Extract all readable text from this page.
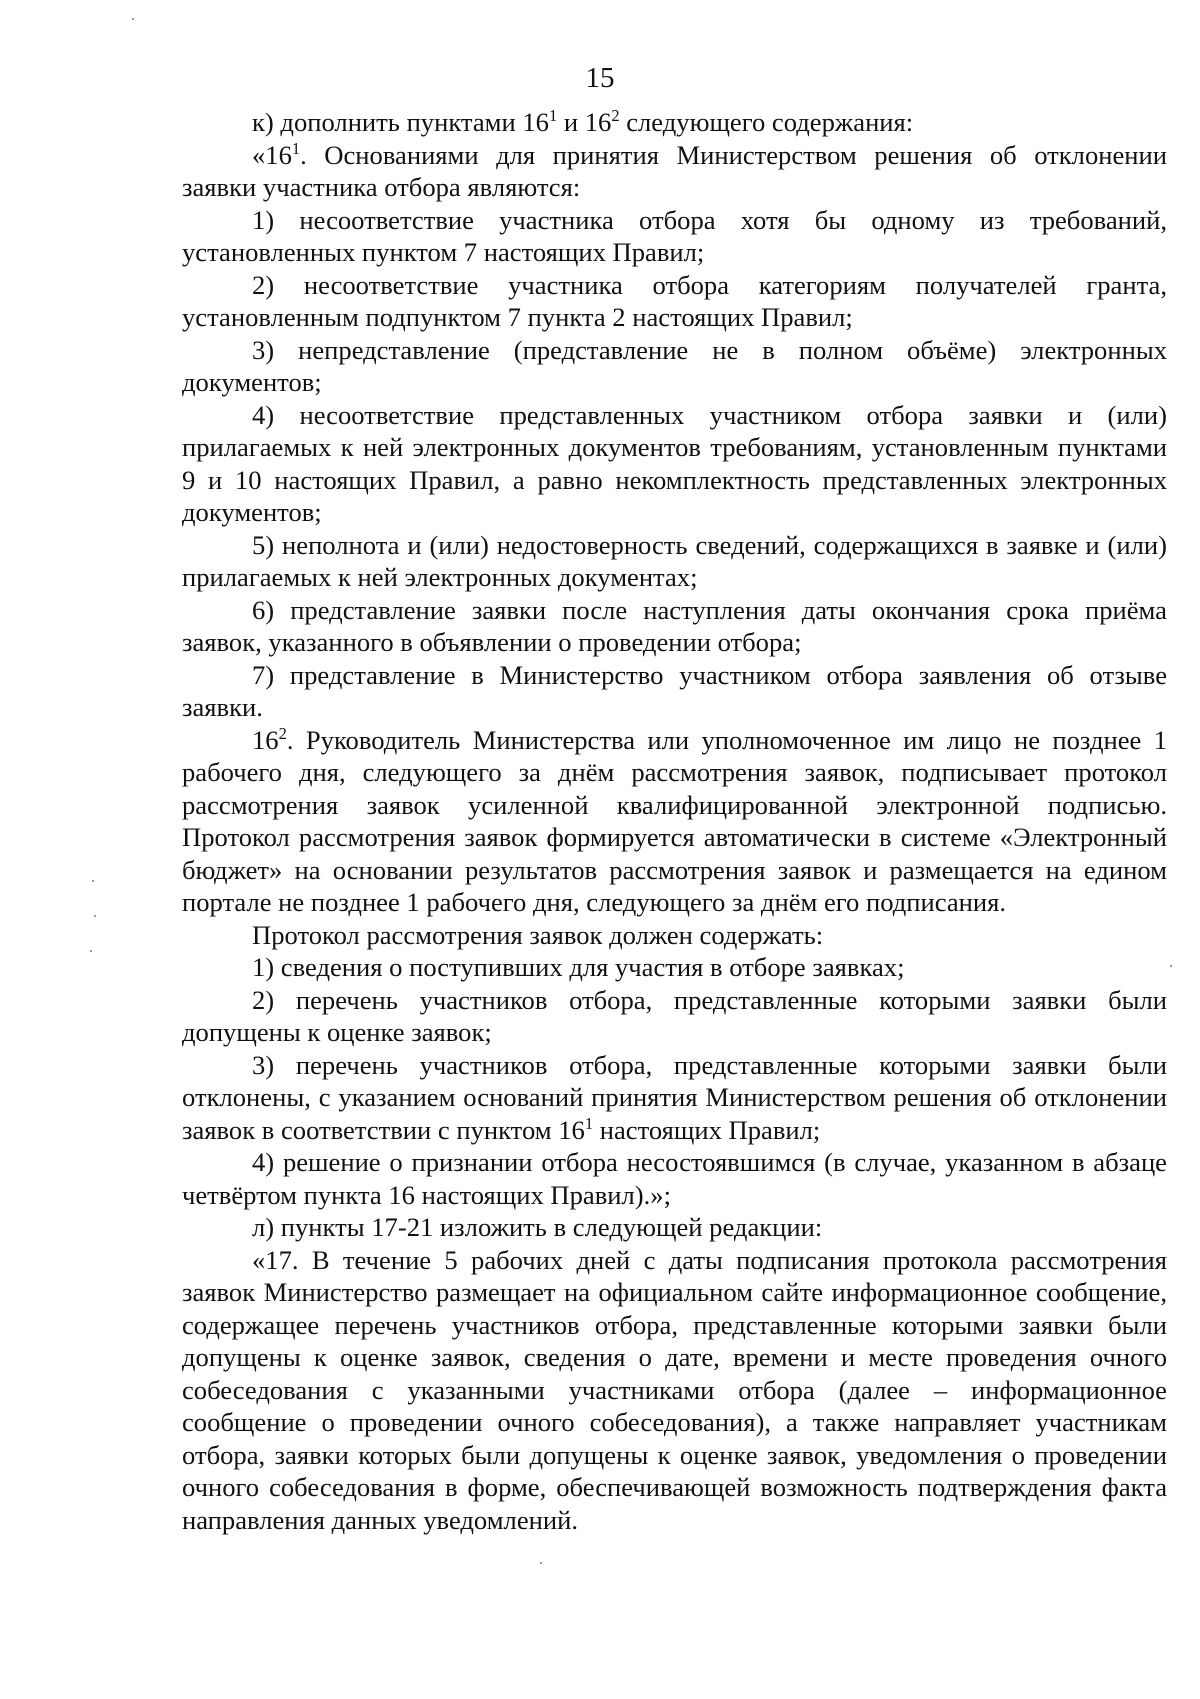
15

к) дополнить пунктами $16^1$ и $16^2$ следующего содержания:

«$16^1$. Основаниями для принятия Министерством решения об отклонении заявки участника отбора являются:

1) несоответствие участника отбора хотя бы одному из требований, установленных пунктом 7 настоящих Правил;

2) несоответствие участника отбора категориям получателей гранта, установленным подпунктом 7 пункта 2 настоящих Правил;

3) непредставление (представление не в полном объёме) электронных документов;

4) несоответствие представленных участником отбора заявки и (или) прилагаемых к ней электронных документов требованиям, установленным пунктами 9 и 10 настоящих Правил, а равно некомплектность представленных электронных документов;

5) неполнота и (или) недостоверность сведений, содержащихся в заявке и (или) прилагаемых к ней электронных документах;

6) представление заявки после наступления даты окончания срока приёма заявок, указанного в объявлении о проведении отбора;

7) представление в Министерство участником отбора заявления об отзыве заявки.

$16^2$. Руководитель Министерства или уполномоченное им лицо не позднее 1 рабочего дня, следующего за днём рассмотрения заявок, подписывает протокол рассмотрения заявок усиленной квалифицированной электронной подписью. Протокол рассмотрения заявок формируется автоматически в системе «Электронный бюджет» на основании результатов рассмотрения заявок и размещается на едином портале не позднее 1 рабочего дня, следующего за днём его подписания.

Протокол рассмотрения заявок должен содержать:

1) сведения о поступивших для участия в отборе заявках;

2) перечень участников отбора, представленные которыми заявки были допущены к оценке заявок;

3) перечень участников отбора, представленные которыми заявки были отклонены, с указанием оснований принятия Министерством решения об отклонении заявок в соответствии с пунктом $16^1$ настоящих Правил;

4) решение о признании отбора несостоявшимся (в случае, указанном в абзаце четвёртом пункта 16 настоящих Правил).»;

л) пункты 17-21 изложить в следующей редакции:

«17. В течение 5 рабочих дней с даты подписания протокола рассмотрения заявок Министерство размещает на официальном сайте информационное сообщение, содержащее перечень участников отбора, представленные которыми заявки были допущены к оценке заявок, сведения о дате, времени и месте проведения очного собеседования с указанными участниками отбора (далее – информационное сообщение о проведении очного собеседования), а также направляет участникам отбора, заявки которых были допущены к оценке заявок, уведомления о проведении очного собеседования в форме, обеспечивающей возможность подтверждения факта направления данных уведомлений.
